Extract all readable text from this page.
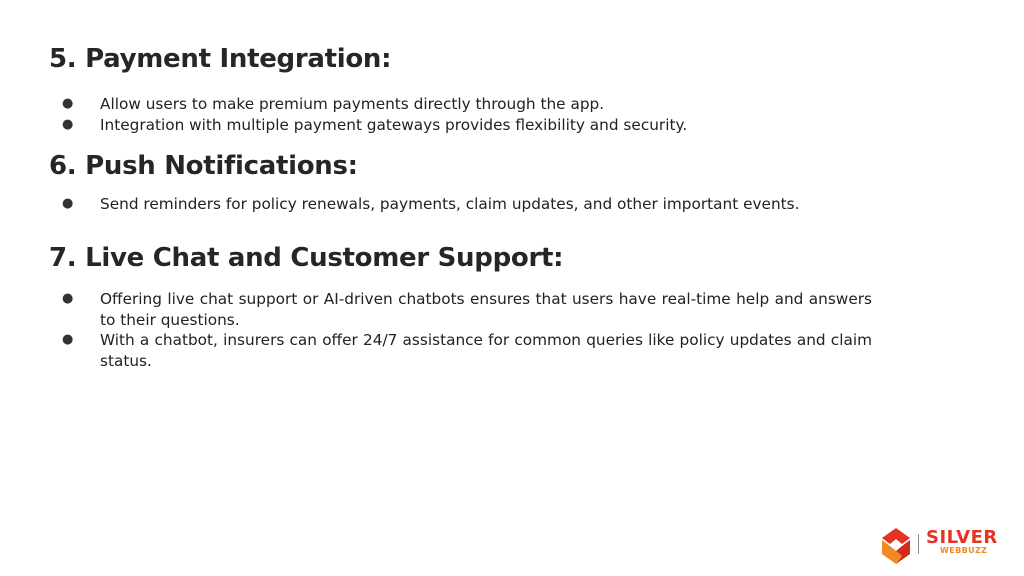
5. Payment Integration:
● Allow users to make premium payments directly through the app.
● Integration with multiple payment gateways provides flexibility and security.
6. Push Notifications:
● Send reminders for policy renewals, payments, claim updates, and other important events.
7. Live Chat and Customer Support:
● Offering live chat support or AI-driven chatbots ensures that users have real-time help and answers to their questions.
● With a chatbot, insurers can offer 24/7 assistance for common queries like policy updates and claim status.
SILVER
WEBBUZZ
